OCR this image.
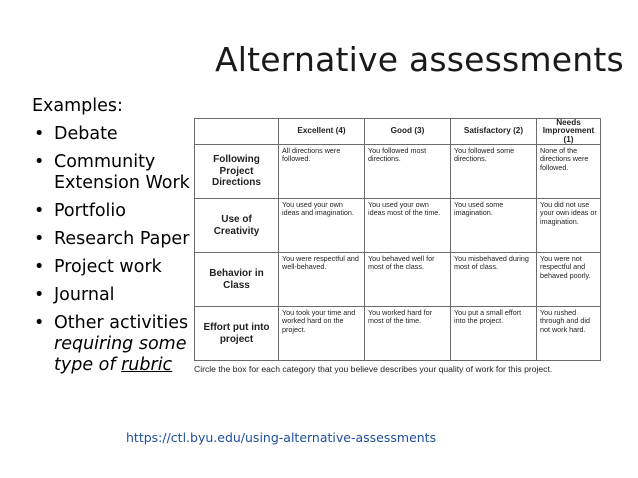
Alternative assessments
Examples:
• Debate
• Community Extension Work
• Portfolio
• Research Paper
• Project work
• Journal
• Other activities requiring some type of rubric
	Excellent (4)	Good (3)	Satisfactory (2)	Needs Improvement (1)
Following Project Directions	All directions were followed.	You followed most directions.	You followed some directions.	None of the directions were followed.
Use of Creativity	You used your own ideas and imagination.	You used your own ideas most of the time.	You used some imagination.	You did not use your own ideas or imagination.
Behavior in Class	You were respectful and well-behaved.	You behaved well for most of the class.	You misbehaved during most of class.	You were not respectful and behaved poorly.
Effort put into project	You took your time and worked hard on the project.	You worked hard for most of the time.	You put a small effort into the project.	You rushed through and did not work hard.
Circle the box for each category that you believe describes your quality of work for this project.
https://ctl.byu.edu/using-alternative-assessments
